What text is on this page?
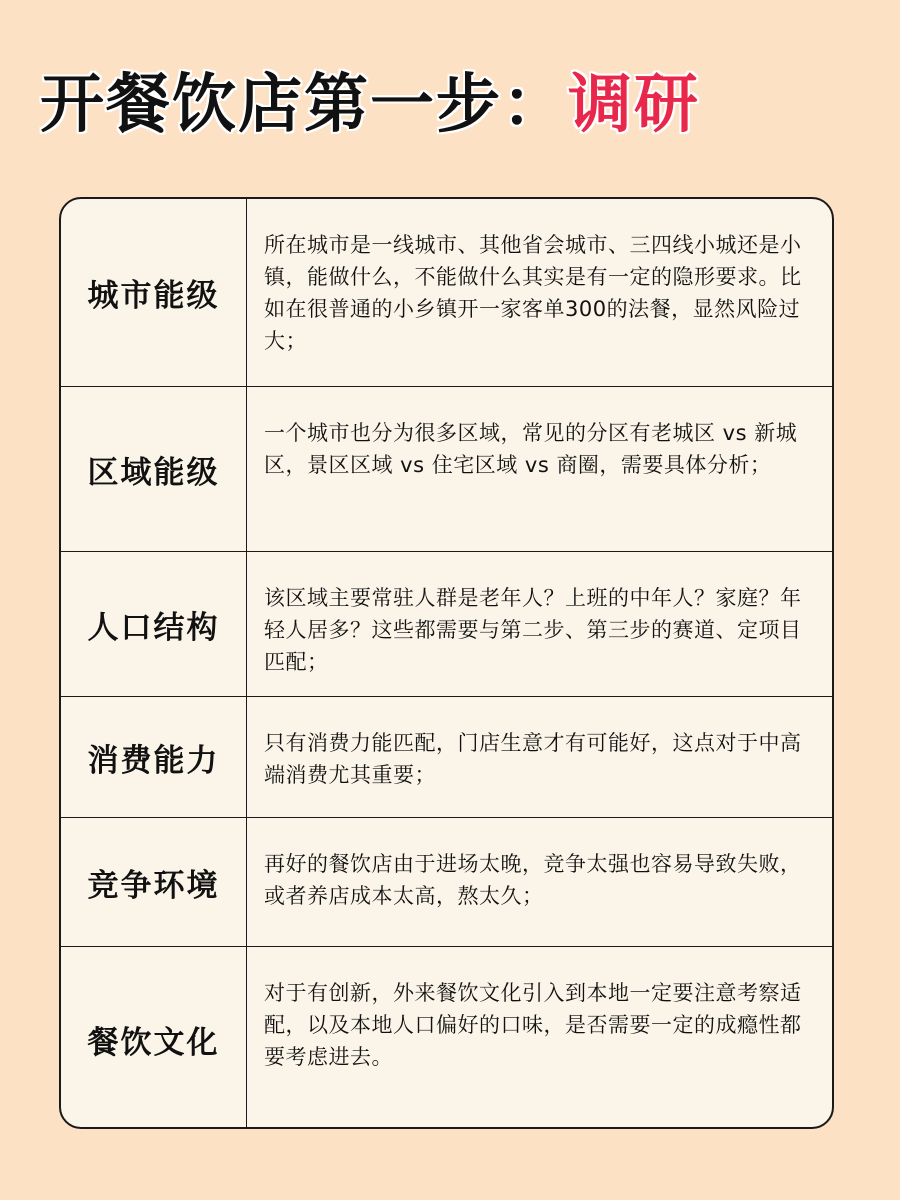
开餐饮店第一步： 调研
城市能级
所在城市是一线城市、其他省会城市、三四线小城还是小镇，能做什么，不能做什么其实是有一定的隐形要求。比如在很普通的小乡镇开一家客单300的法餐，显然风险过大；
区域能级
一个城市也分为很多区域，常见的分区有老城区 vs 新城区，景区区域 vs 住宅区域 vs 商圈，需要具体分析；
人口结构
该区域主要常驻人群是老年人？上班的中年人？家庭？年轻人居多？这些都需要与第二步、第三步的赛道、定项目匹配；
消费能力	只有消费力能匹配，门店生意才有可能好，这点对于中高端消费尤其重要；
竞争环境
再好的餐饮店由于进场太晚，竞争太强也容易导致失败，或者养店成本太高，熬太久；
餐饮文化
对于有创新，外来餐饮文化引入到本地一定要注意考察适配，以及本地人口偏好的口味，是否需要一定的成瘾性都要考虑进去。
